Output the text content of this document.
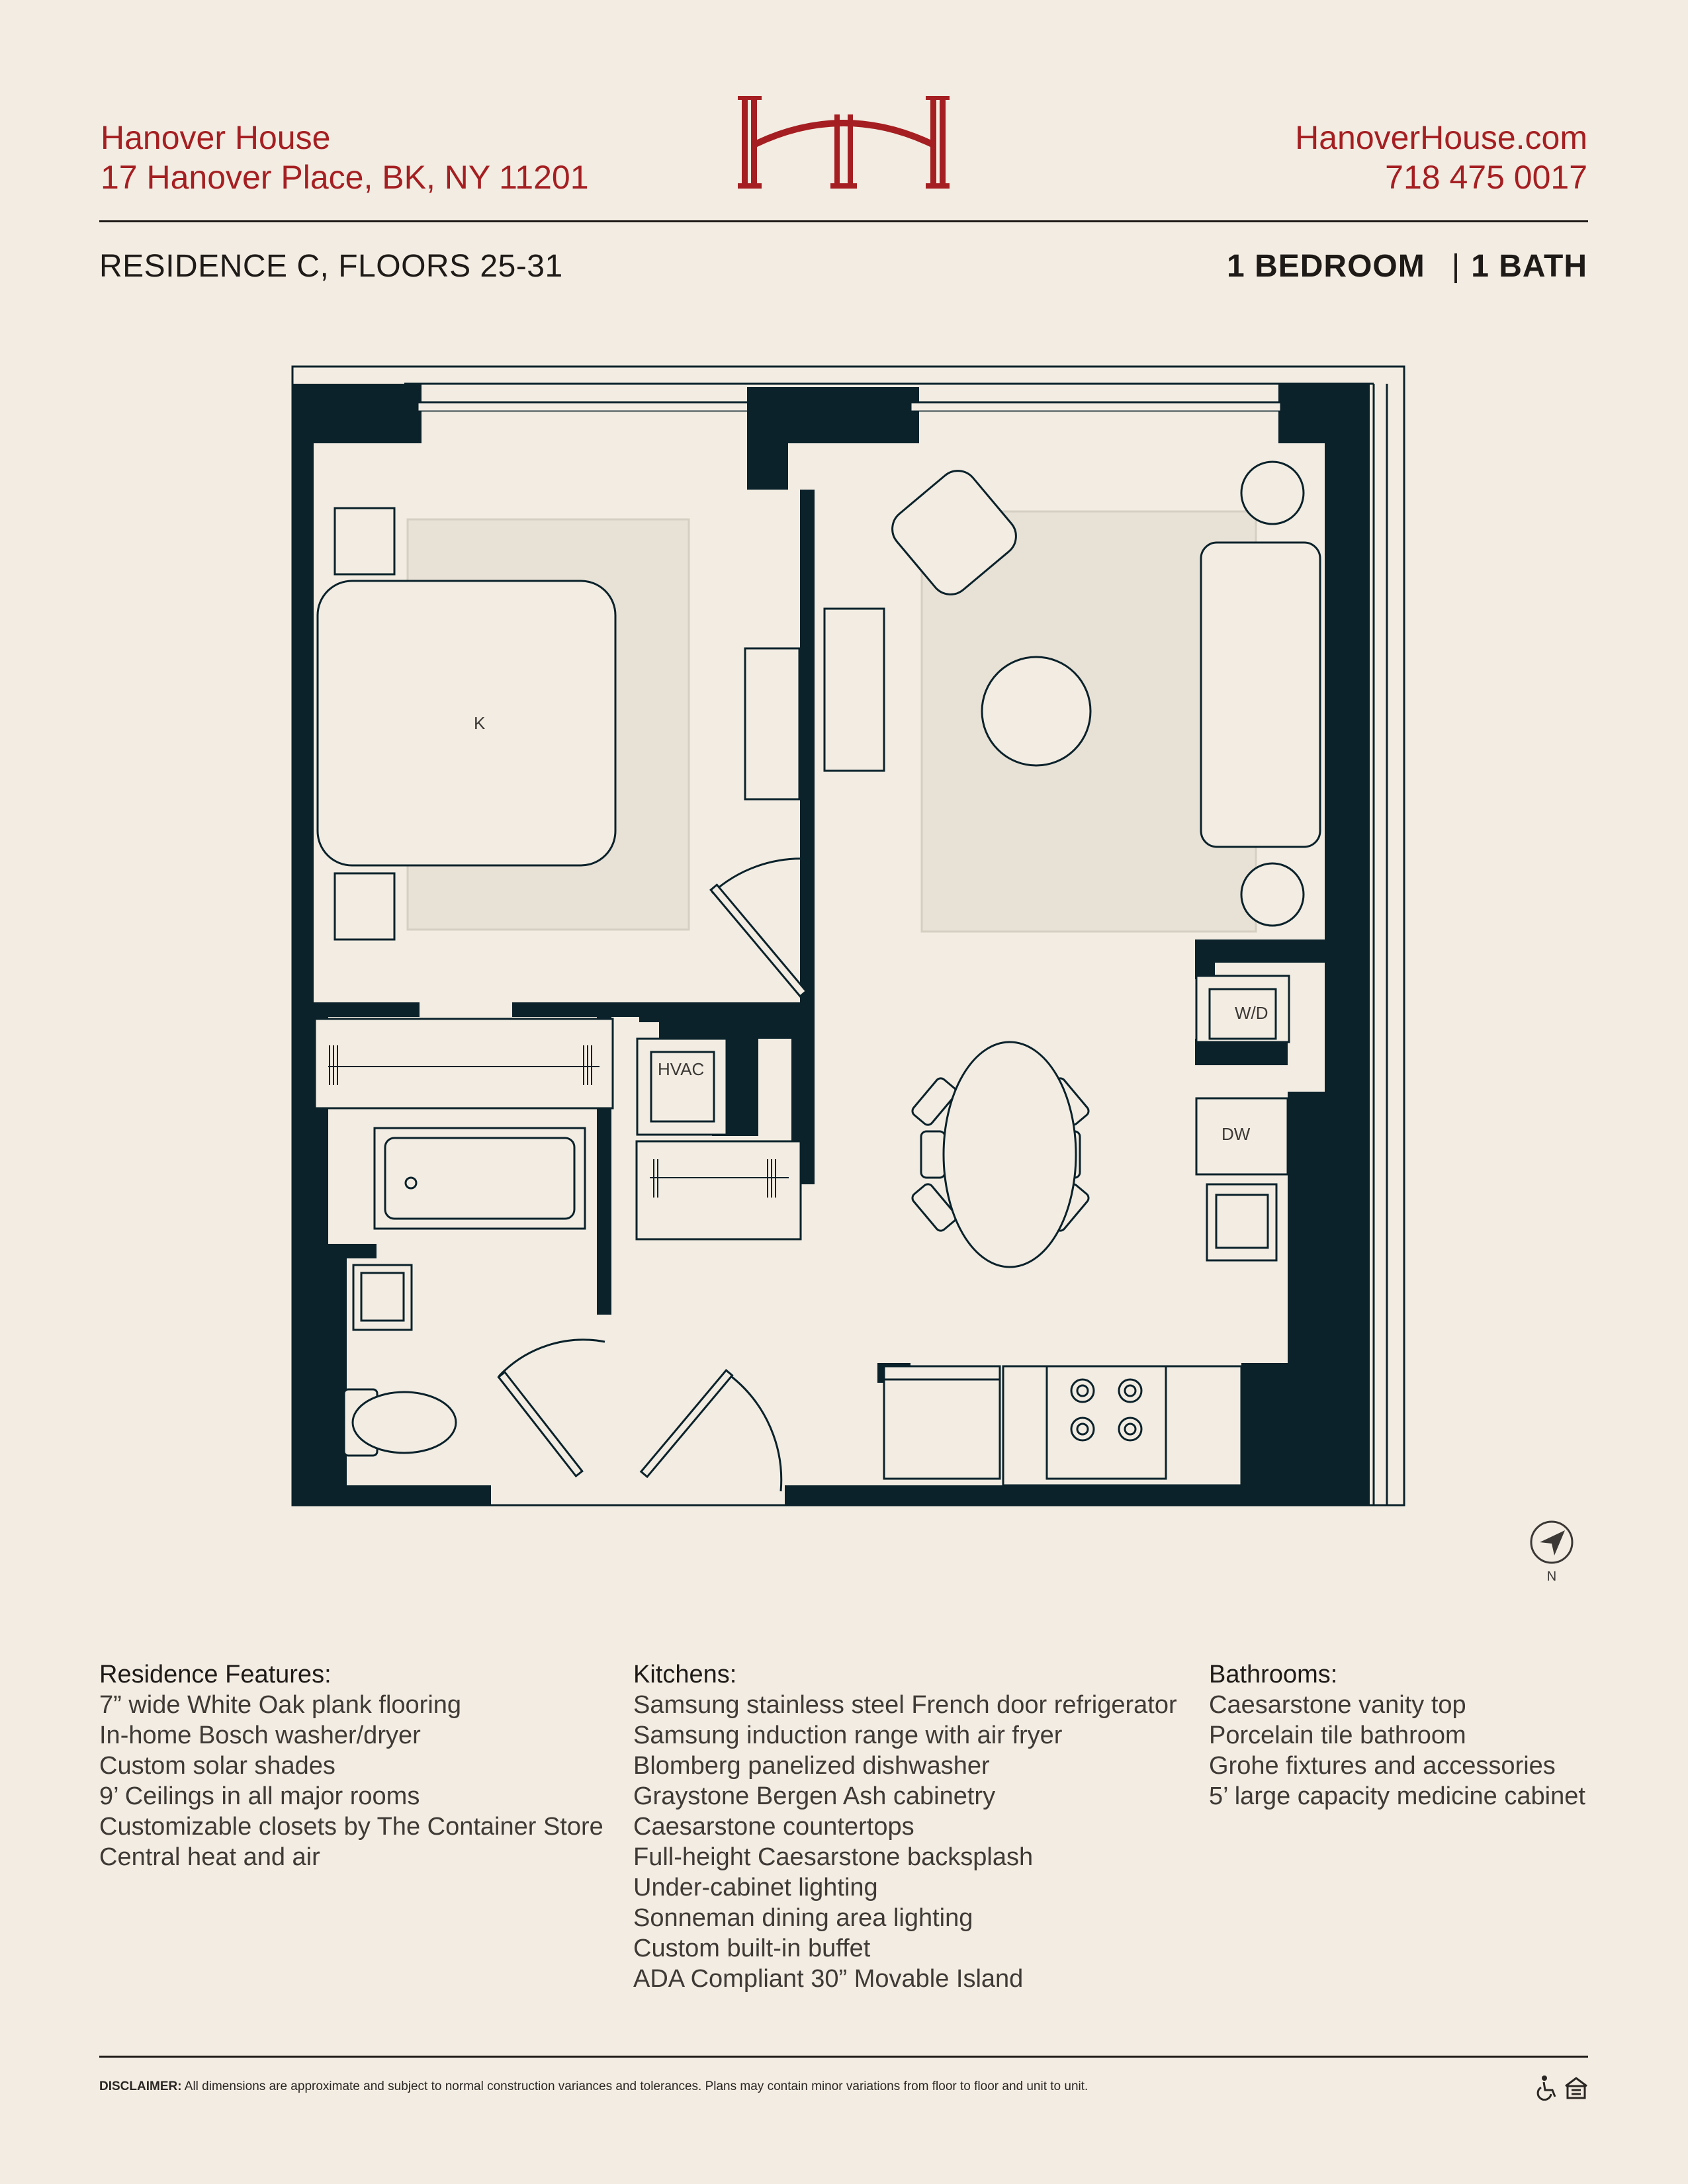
Hanover House
17 Hanover Place, BK, NY 11201
HanoverHouse.com
718 475 0017
RESIDENCE C, FLOORS 25-31	1 BEDROOM | 1 BATH
K
W/D
DW
HVAC
N
Residence Features:
7” wide White Oak plank flooring
In-home Bosch washer/dryer
Custom solar shades
9’ Ceilings in all major rooms
Customizable closets by The Container Store
Central heat and air
Kitchens:
Samsung stainless steel French door refrigerator
Samsung induction range with air fryer
Blomberg panelized dishwasher
Graystone Bergen Ash cabinetry
Caesarstone countertops
Full-height Caesarstone backsplash
Under-cabinet lighting
Sonneman dining area lighting
Custom built-in buffet
ADA Compliant 30” Movable Island
Bathrooms:
Caesarstone vanity top
Porcelain tile bathroom
Grohe fixtures and accessories
5’ large capacity medicine cabinet
DISCLAIMER: All dimensions are approximate and subject to normal construction variances and tolerances. Plans may contain minor variations from floor to floor and unit to unit.
